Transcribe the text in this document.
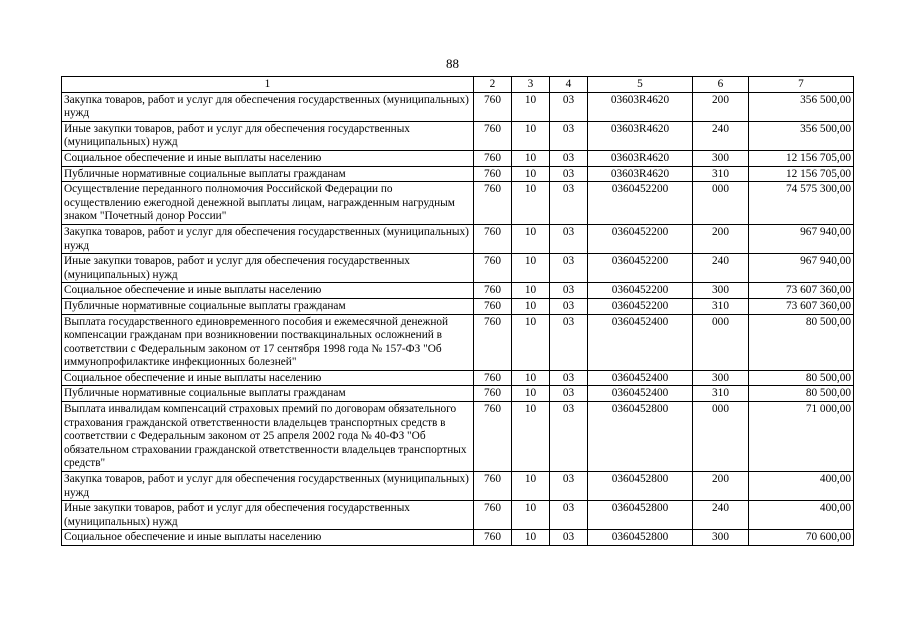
88
1	2	3	4	5	6	7
Закупка товаров, работ и услуг для обеспечения государственных (муниципальных) нужд	760	10	03	03603R4620	200	356 500,00
Иные закупки товаров, работ и услуг для обеспечения государственных (муниципальных) нужд	760	10	03	03603R4620	240	356 500,00
Социальное обеспечение и иные выплаты населению	760	10	03	03603R4620	300	12 156 705,00
Публичные нормативные социальные выплаты гражданам	760	10	03	03603R4620	310	12 156 705,00
Осуществление переданного полномочия Российской Федерации по осуществлению ежегодной денежной выплаты лицам, награжденным нагрудным знаком "Почетный донор России"	760	10	03	0360452200	000	74 575 300,00
Закупка товаров, работ и услуг для обеспечения государственных (муниципальных) нужд	760	10	03	0360452200	200	967 940,00
Иные закупки товаров, работ и услуг для обеспечения государственных (муниципальных) нужд	760	10	03	0360452200	240	967 940,00
Социальное обеспечение и иные выплаты населению	760	10	03	0360452200	300	73 607 360,00
Публичные нормативные социальные выплаты гражданам	760	10	03	0360452200	310	73 607 360,00
Выплата государственного единовременного пособия и ежемесячной денежной компенсации гражданам при возникновении поствакцинальных осложнений в соответствии с Федеральным законом от 17 сентября 1998 года № 157-ФЗ "Об иммунопрофилактике инфекционных болезней"	760	10	03	0360452400	000	80 500,00
Социальное обеспечение и иные выплаты населению	760	10	03	0360452400	300	80 500,00
Публичные нормативные социальные выплаты гражданам	760	10	03	0360452400	310	80 500,00
Выплата инвалидам компенсаций страховых премий по договорам обязательного страхования гражданской ответственности владельцев транспортных средств в соответствии с Федеральным законом от 25 апреля 2002 года № 40-ФЗ "Об обязательном страховании гражданской ответственности владельцев транспортных средств"	760	10	03	0360452800	000	71 000,00
Закупка товаров, работ и услуг для обеспечения государственных (муниципальных) нужд	760	10	03	0360452800	200	400,00
Иные закупки товаров, работ и услуг для обеспечения государственных (муниципальных) нужд	760	10	03	0360452800	240	400,00
Социальное обеспечение и иные выплаты населению	760	10	03	0360452800	300	70 600,00
